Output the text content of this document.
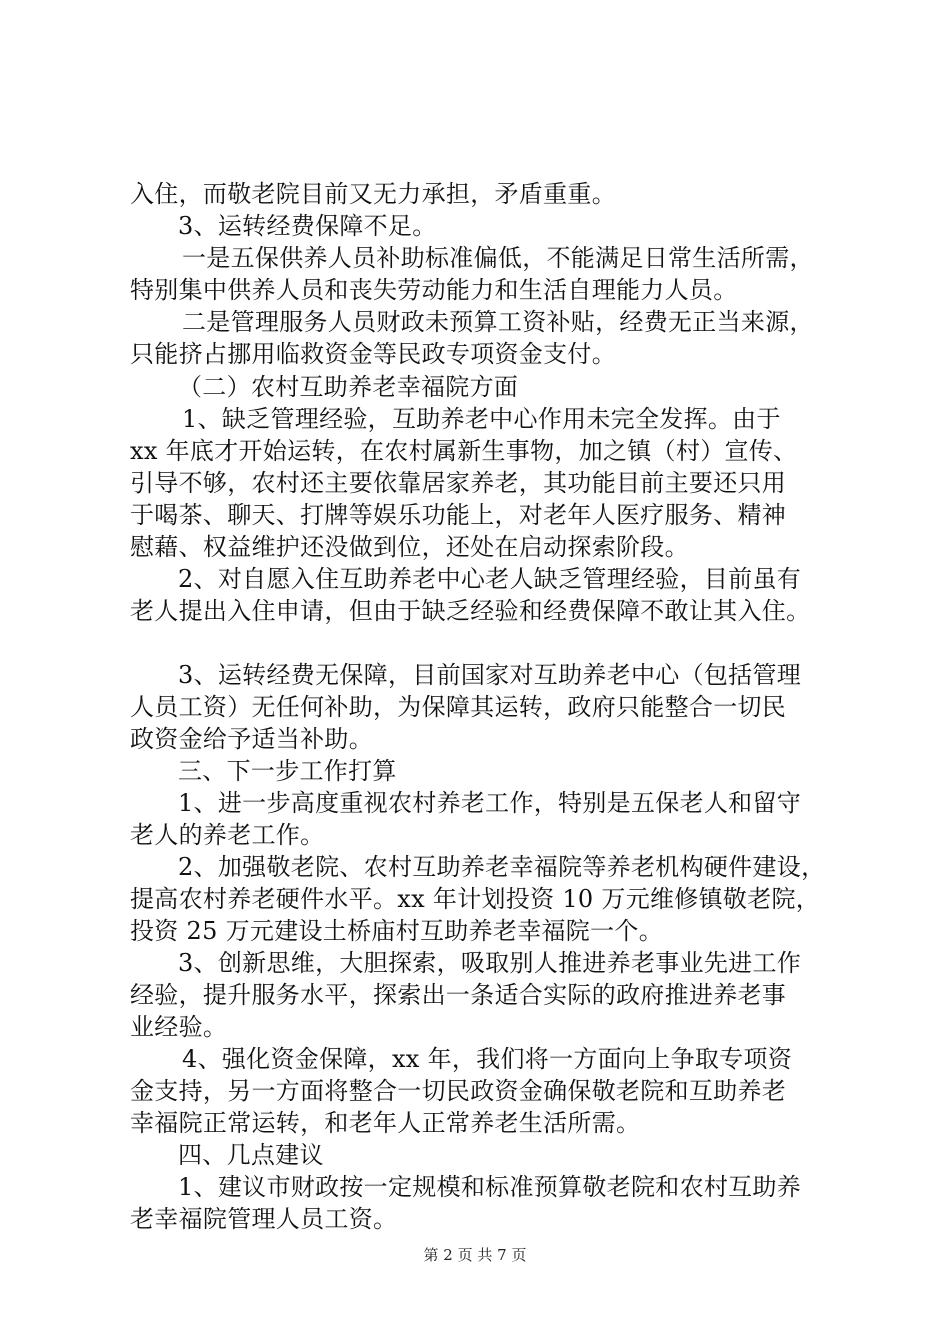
入住，而敬老院目前又无力承担，矛盾重重。
3、运转经费保障不足。
一是五保供养人员补助标准偏低，不能满足日常生活所需，
特别集中供养人员和丧失劳动能力和生活自理能力人员。
二是管理服务人员财政未预算工资补贴，经费无正当来源，
只能挤占挪用临救资金等民政专项资金支付。
（二）农村互助养老幸福院方面
1、缺乏管理经验，互助养老中心作用未完全发挥。由于
xx 年底才开始运转，在农村属新生事物，加之镇（村）宣传、
引导不够，农村还主要依靠居家养老，其功能目前主要还只用
于喝茶、聊天、打牌等娱乐功能上，对老年人医疗服务、精神
慰藉、权益维护还没做到位，还处在启动探索阶段。
2、对自愿入住互助养老中心老人缺乏管理经验，目前虽有
老人提出入住申请，但由于缺乏经验和经费保障不敢让其入住。
3、运转经费无保障，目前国家对互助养老中心（包括管理
人员工资）无任何补助，为保障其运转，政府只能整合一切民
政资金给予适当补助。
三、下一步工作打算
1、进一步高度重视农村养老工作，特别是五保老人和留守
老人的养老工作。
2、加强敬老院、农村互助养老幸福院等养老机构硬件建设，
提高农村养老硬件水平。xx 年计划投资 10 万元维修镇敬老院，
投资 25 万元建设土桥庙村互助养老幸福院一个。
3、创新思维，大胆探索，吸取别人推进养老事业先进工作
经验，提升服务水平，探索出一条适合实际的政府推进养老事
业经验。
4、强化资金保障，xx 年，我们将一方面向上争取专项资
金支持，另一方面将整合一切民政资金确保敬老院和互助养老
幸福院正常运转，和老年人正常养老生活所需。
四、几点建议
1、建议市财政按一定规模和标准预算敬老院和农村互助养
老幸福院管理人员工资。
第 2 页 共 7 页
